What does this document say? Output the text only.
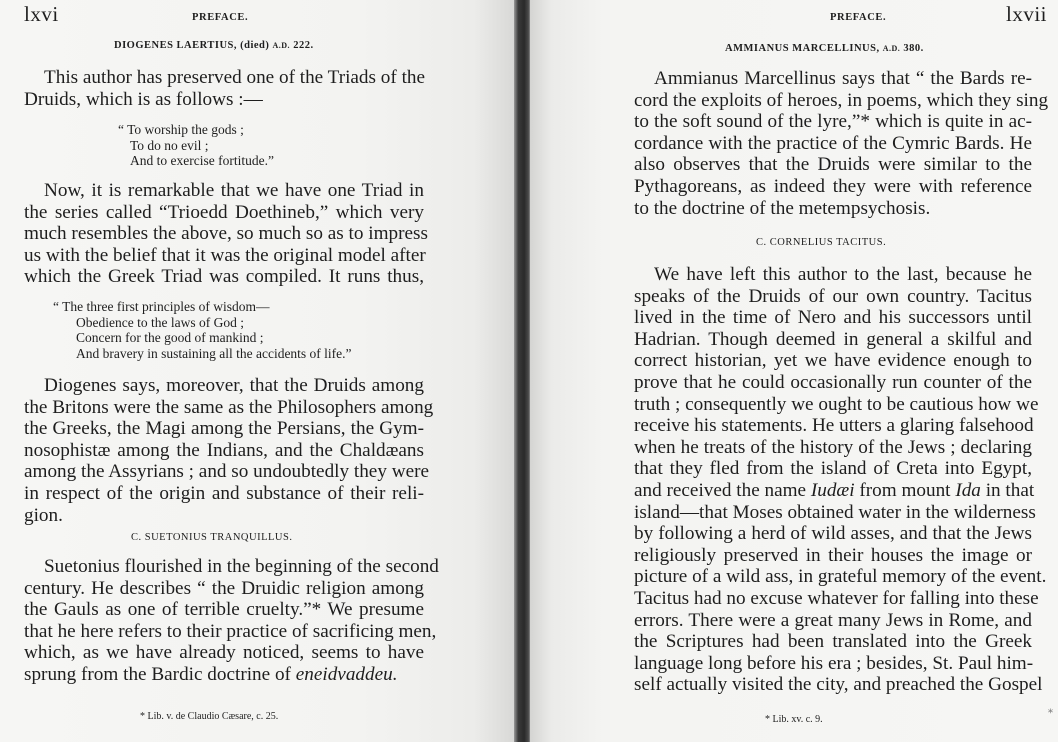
lxvi	PREFACE.
DIOGENES LAERTIUS, (died) A.D. 222.
This author has preserved one of the Triads of the
Druids, which is as follows :—
“ To worship the gods ;
To do no evil ;
And to exercise fortitude.”
Now, it is remarkable that we have one Triad in
the series called “Trioedd Doethineb,” which very
much resembles the above, so much so as to impress
us with the belief that it was the original model after
which the Greek Triad was compiled. It runs thus,
“ The three first principles of wisdom—
Obedience to the laws of God ;
Concern for the good of mankind ;
And bravery in sustaining all the accidents of life.”
Diogenes says, moreover, that the Druids among
the Britons were the same as the Philosophers among
the Greeks, the Magi among the Persians, the Gym-
nosophistæ among the Indians, and the Chaldæans
among the Assyrians ; and so undoubtedly they were
in respect of the origin and substance of their reli-
gion.
C. SUETONIUS TRANQUILLUS.
Suetonius flourished in the beginning of the second
century. He describes “ the Druidic religion among
the Gauls as one of terrible cruelty.”* We presume
that he here refers to their practice of sacrificing men,
which, as we have already noticed, seems to have
sprung from the Bardic doctrine of eneidvaddeu.
* Lib. v. de Claudio Cæsare, c. 25.
PREFACE.	lxvii
AMMIANUS MARCELLINUS, A.D. 380.
Ammianus Marcellinus says that “ the Bards re-
cord the exploits of heroes, in poems, which they sing
to the soft sound of the lyre,”* which is quite in ac-
cordance with the practice of the Cymric Bards. He
also observes that the Druids were similar to the
Pythagoreans, as indeed they were with reference
to the doctrine of the metempsychosis.
C. CORNELIUS TACITUS.
We have left this author to the last, because he
speaks of the Druids of our own country. Tacitus
lived in the time of Nero and his successors until
Hadrian. Though deemed in general a skilful and
correct historian, yet we have evidence enough to
prove that he could occasionally run counter of the
truth ; consequently we ought to be cautious how we
receive his statements. He utters a glaring falsehood
when he treats of the history of the Jews ; declaring
that they fled from the island of Creta into Egypt,
and received the name Iudæi from mount Ida in that
island—that Moses obtained water in the wilderness
by following a herd of wild asses, and that the Jews
religiously preserved in their houses the image or
picture of a wild ass, in grateful memory of the event.
Tacitus had no excuse whatever for falling into these
errors. There were a great many Jews in Rome, and
the Scriptures had been translated into the Greek
language long before his era ; besides, St. Paul him-
self actually visited the city, and preached the Gospel
* Lib. xv. c. 9.
*
